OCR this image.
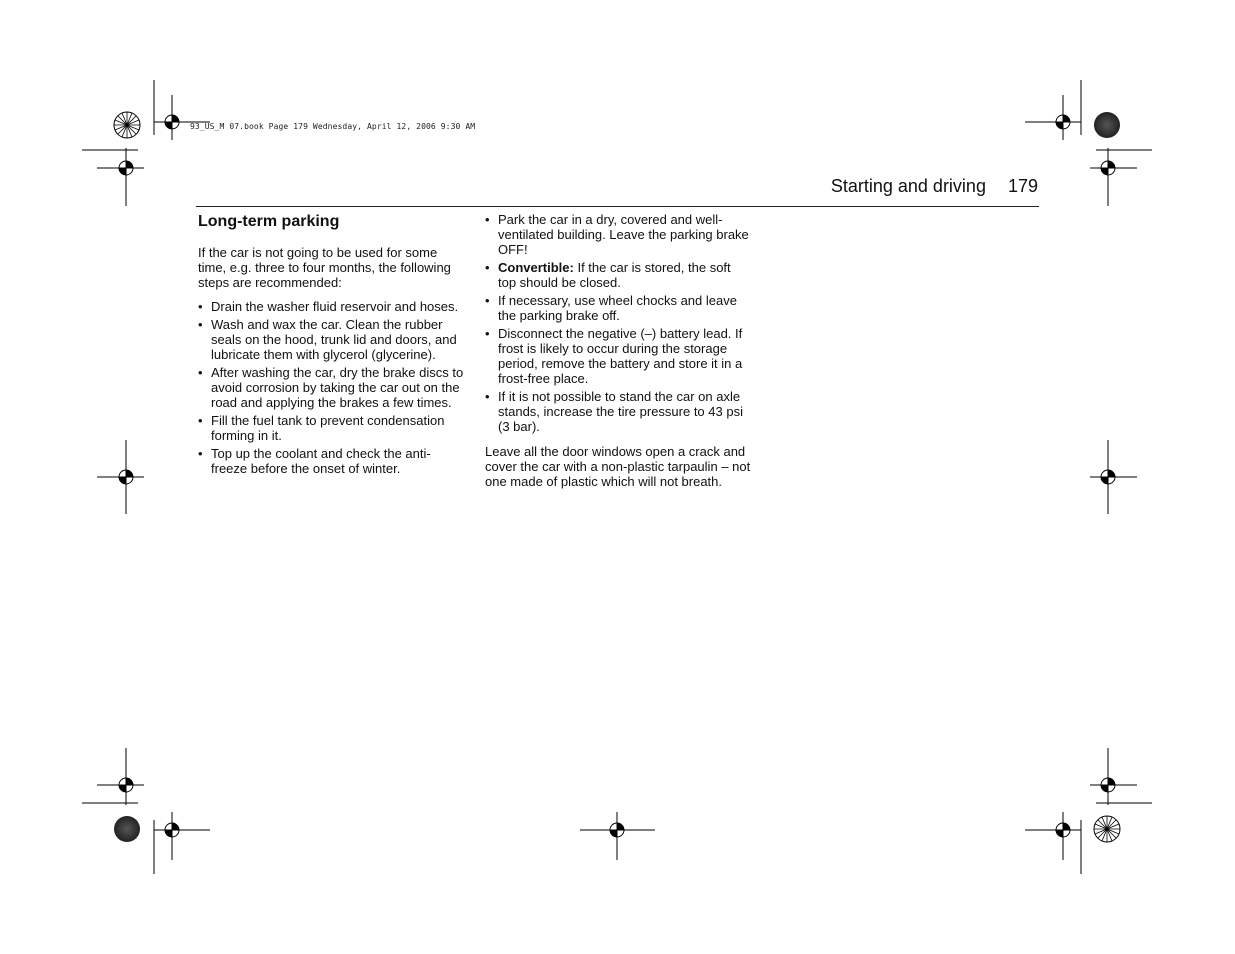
93_US_M 07.book Page 179 Wednesday, April 12, 2006 9:30 AM
Starting and driving 179
Long-term parking

If the car is not going to be used for some time, e.g. three to four months, the following steps are recommended:

• Drain the washer fluid reservoir and hoses.
• Wash and wax the car. Clean the rubber seals on the hood, trunk lid and doors, and lubricate them with glycerol (glycerine).
• After washing the car, dry the brake discs to avoid corrosion by taking the car out on the road and applying the brakes a few times.
• Fill the fuel tank to prevent condensation forming in it.
• Top up the coolant and check the anti-freeze before the onset of winter.
• Park the car in a dry, covered and well-ventilated building. Leave the parking brake OFF!
• Convertible: If the car is stored, the soft top should be closed.
• If necessary, use wheel chocks and leave the parking brake off.
• Disconnect the negative (–) battery lead. If frost is likely to occur during the storage period, remove the battery and store it in a frost-free place.
• If it is not possible to stand the car on axle stands, increase the tire pressure to 43 psi (3 bar).

Leave all the door windows open a crack and cover the car with a non-plastic tarpaulin – not one made of plastic which will not breath.
